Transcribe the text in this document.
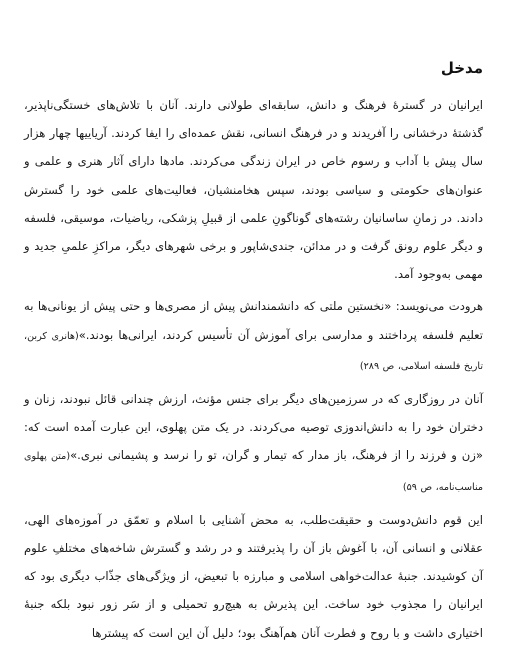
مدخل

ایرانیان در گسترهٔ فرهنگ و دانش، سابقه‌ای طولانی دارند. آنان با تلاش‌های خستگی‌ناپذیر، گذشتهٔ درخشانی را آفریدند و در فرهنگ انسانی، نقش عمده‌ای را ایفا کردند. آریاییها چهار هزار سال پیش با آداب و رسوم خاص در ایران زندگی می‌کردند. مادها دارای آثار هنری و علمی و عنوان‌های حکومتی و سیاسی بودند، سپس هخامنشیان، فعالیت‌های علمی خود را گسترش دادند. در زمانِ ساسانیان رشته‌های گوناگونِ علمی از قبیلِ پزشکی، ریاضیات، موسیقی، فلسفه و دیگر علوم رونق گرفت و در مدائن، جندی‌شاپور و برخی شهرهای دیگر، مراکزِ علمیِ جدید و مهمی به‌وجود آمد.

هرودت می‌نویسد: «نخستین ملتی که دانشمندانش پیش از مصری‌ها و حتی پیش از یونانی‌ها به تعلیم فلسفه پرداختند و مدارسی برای آموزش آن تأسیس کردند، ایرانی‌ها بودند.»(هانری کربن، تاریخ فلسفه اسلامی، ص ۲۸۹)

آنان در روزگاری که در سرزمین‌های دیگر برای جنس مؤنث، ارزش چندانی قائل نبودند، زنان و دختران خود را به دانش‌اندوزی توصیه می‌کردند. در یک متن پهلوی، این عبارت آمده است که: «زن و فرزند را از فرهنگ، باز مدار که تیمار و گران، تو را نرسد و پشیمانی نبری.»(متن پهلوی مناسب‌نامه، ص ۵۹)

این قوم دانش‌دوست و حقیقت‌طلب، به محض آشنایی با اسلام و تعمّق در آموزه‌های الهی، عقلانی و انسانی آن، با آغوش باز آن را پذیرفتند و در رشد و گسترش شاخه‌های مختلفِ علوم آن کوشیدند. جنبهٔ عدالت‌خواهی اسلامی و مبارزه با تبعیض، از ویژگی‌های جذّاب دیگری بود که ایرانیان را مجذوب خود ساخت. این پذیرش به هیچ‌رو تحمیلی و از سَر زور نبود بلکه جنبهٔ اختیاری داشت و با روح و فطرت آنان هم‌آهنگ بود؛ دلیل آن این است که پیشترها
